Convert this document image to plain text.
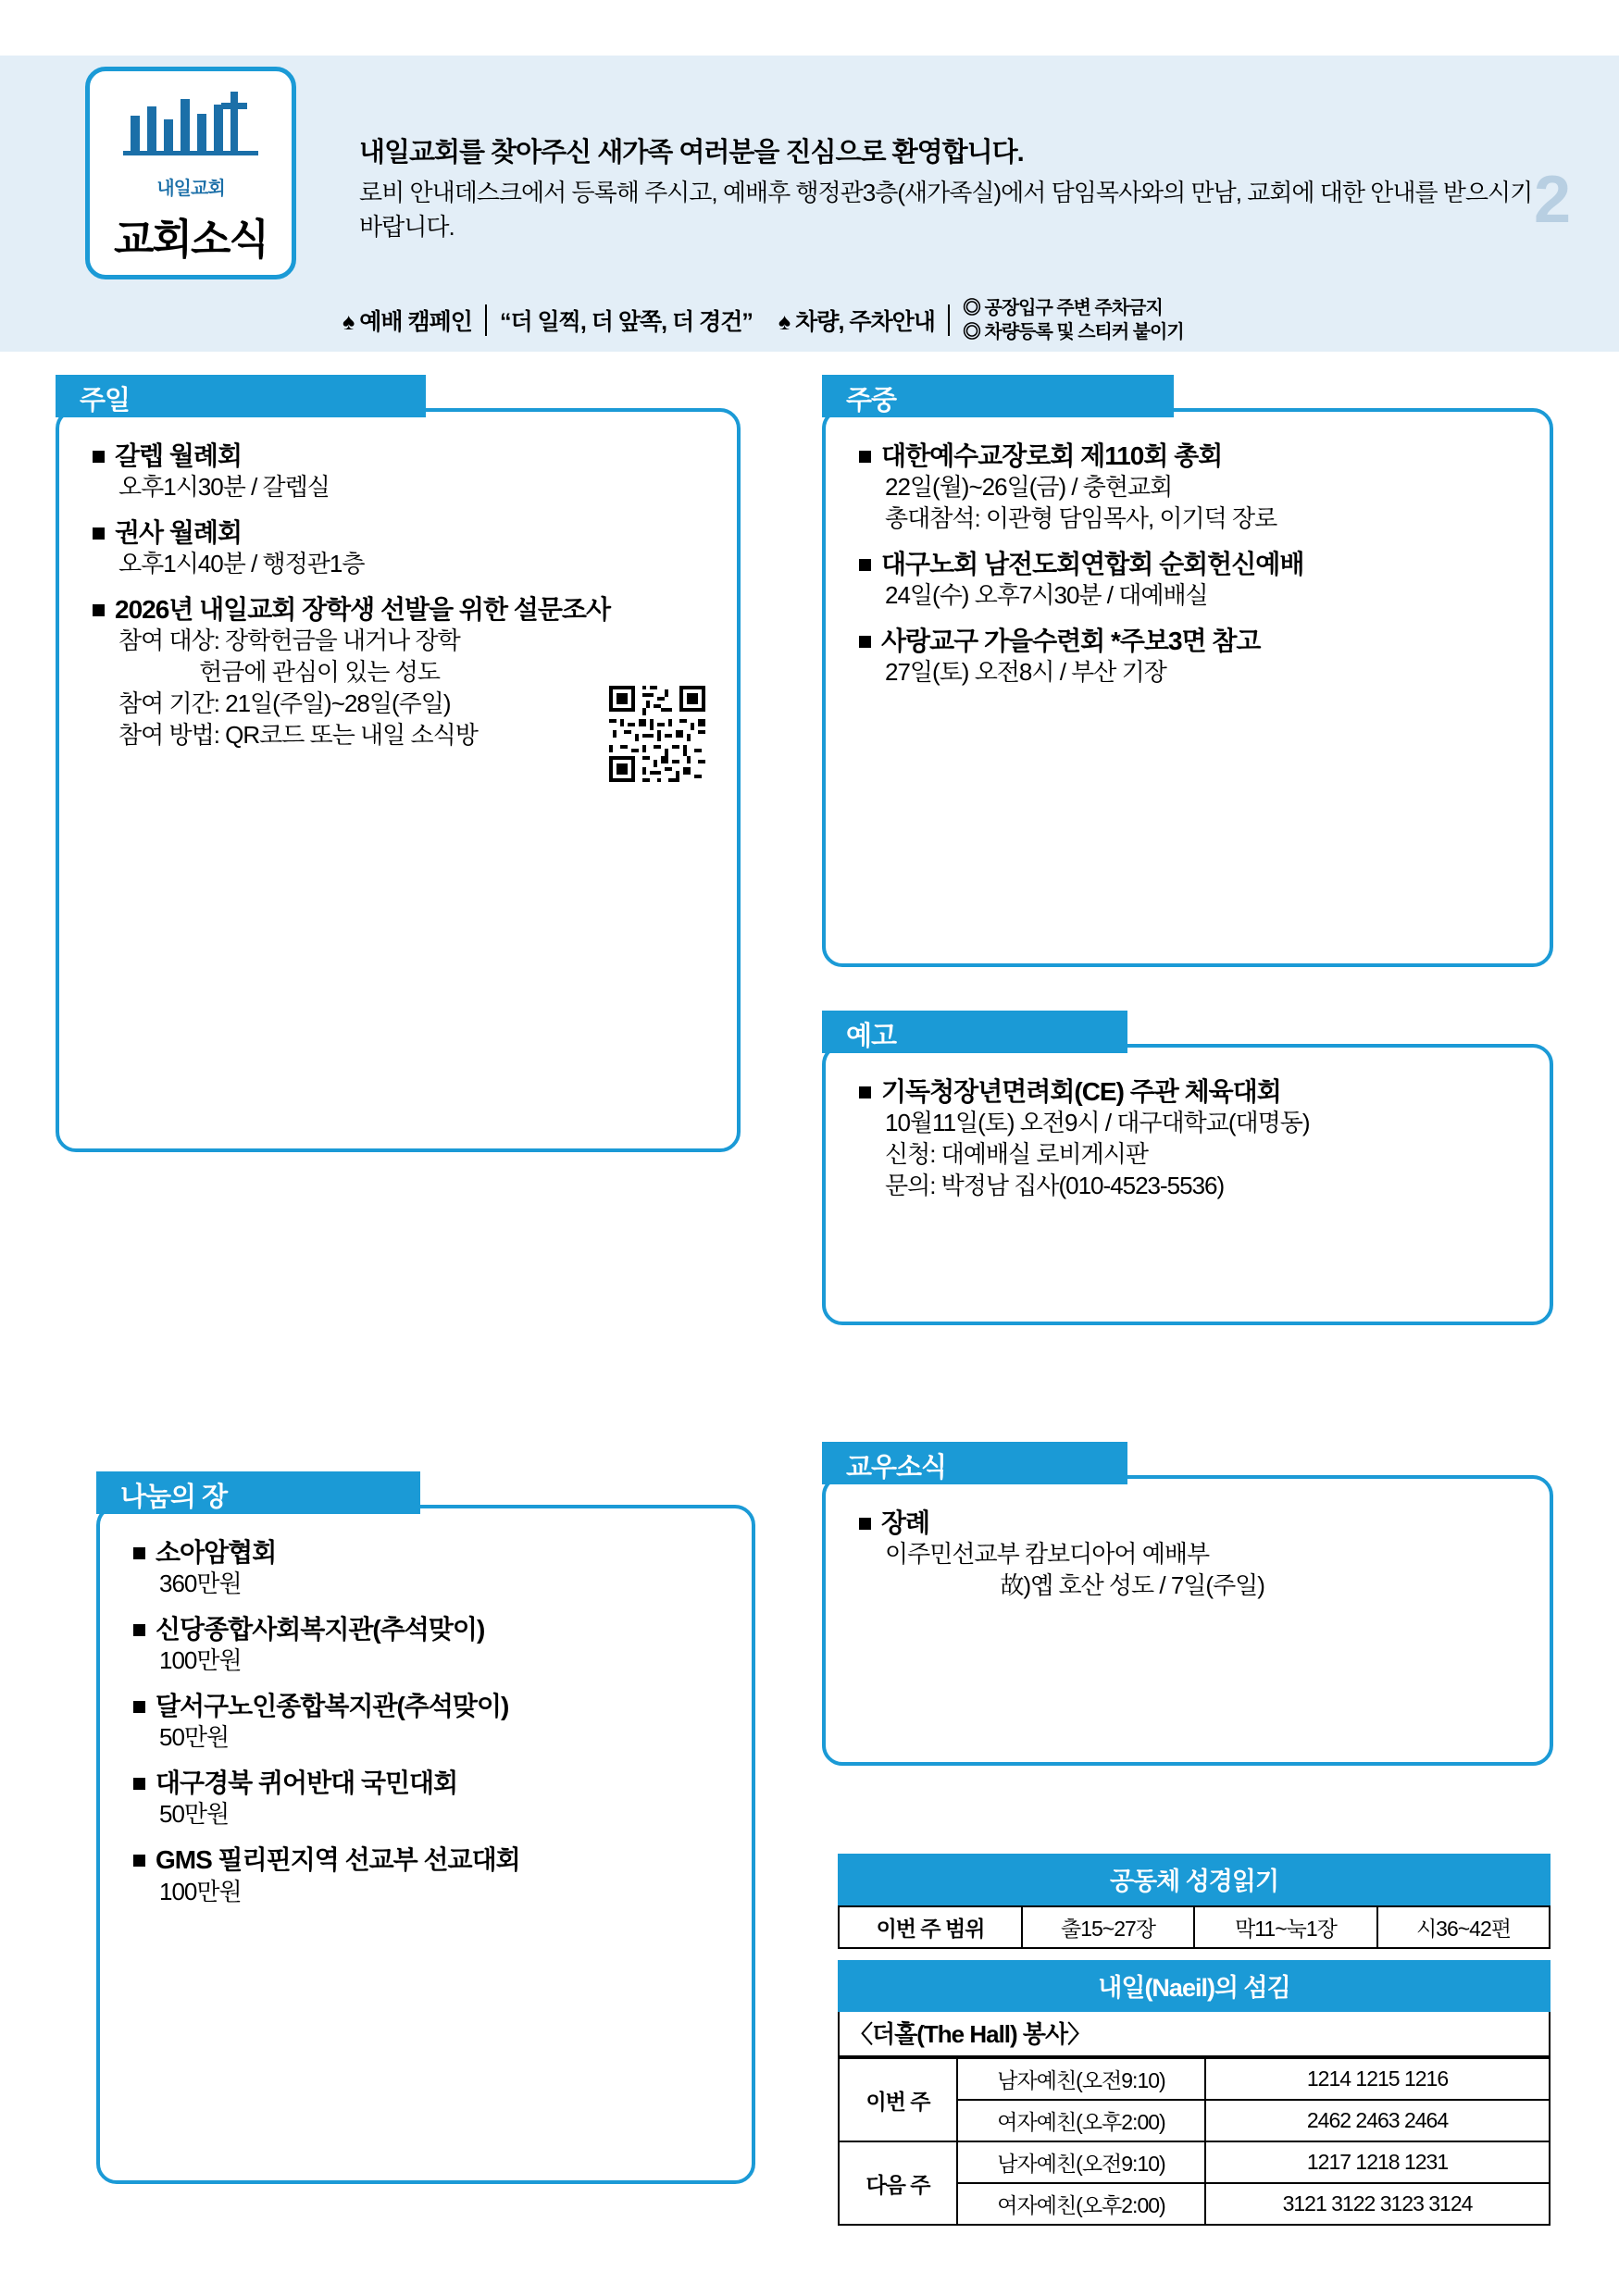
내일교회
교회소식
내일교회를 찾아주신 새가족 여러분을 진심으로 환영합니다.
로비 안내데스크에서 등록해 주시고, 예배후 행정관3층(새가족실)에서 담임목사와의 만남, 교회에 대한 안내를 받으시기 바랍니다.	2
♠ 예배 캠페인 “더 일찍, 더 앞쪽, 더 경건” ♠ 차량, 주차안내
◎ 공장입구 주변 주차금지
◎ 차량등록 및 스티커 붙이기
주일
갈렙 월례회
오후1시30분 / 갈렙실
권사 월례회
오후1시40분 / 행정관1층
2026년 내일교회 장학생 선발을 위한 설문조사
참여 대상: 장학헌금을 내거나 장학
헌금에 관심이 있는 성도
참여 기간: 21일(주일)~28일(주일)
참여 방법: QR코드 또는 내일 소식방
주중
대한예수교장로회 제110회 총회
22일(월)~26일(금) / 충현교회
총대참석: 이관형 담임목사, 이기덕 장로
대구노회 남전도회연합회 순회헌신예배
24일(수) 오후7시30분 / 대예배실
사랑교구 가을수련회 *주보3면 참고
27일(토) 오전8시 / 부산 기장
예고
기독청장년면려회(CE) 주관 체육대회
10월11일(토) 오전9시 / 대구대학교(대명동)
신청: 대예배실 로비게시판
문의: 박정남 집사(010-4523-5536)
나눔의 장
소아암협회
360만원
신당종합사회복지관(추석맞이)
100만원
달서구노인종합복지관(추석맞이)
50만원
대구경북 퀴어반대 국민대회
50만원
GMS 필리핀지역 선교부 선교대회
100만원
교우소식
장례
이주민선교부 캄보디아어 예배부
故)옙 호산 성도 / 7일(주일)
공동체 성경읽기
이번 주 범위	출15~27장	막11~눅1장	시36~42편
내일(Naeil)의 섬김
〈더홀(The Hall) 봉사〉
이번 주	남자예친(오전9:10)	1214 1215 1216
	여자예친(오후2:00)	2462 2463 2464
다음 주	남자예친(오전9:10)	1217 1218 1231
	여자예친(오후2:00)	3121 3122 3123 3124
